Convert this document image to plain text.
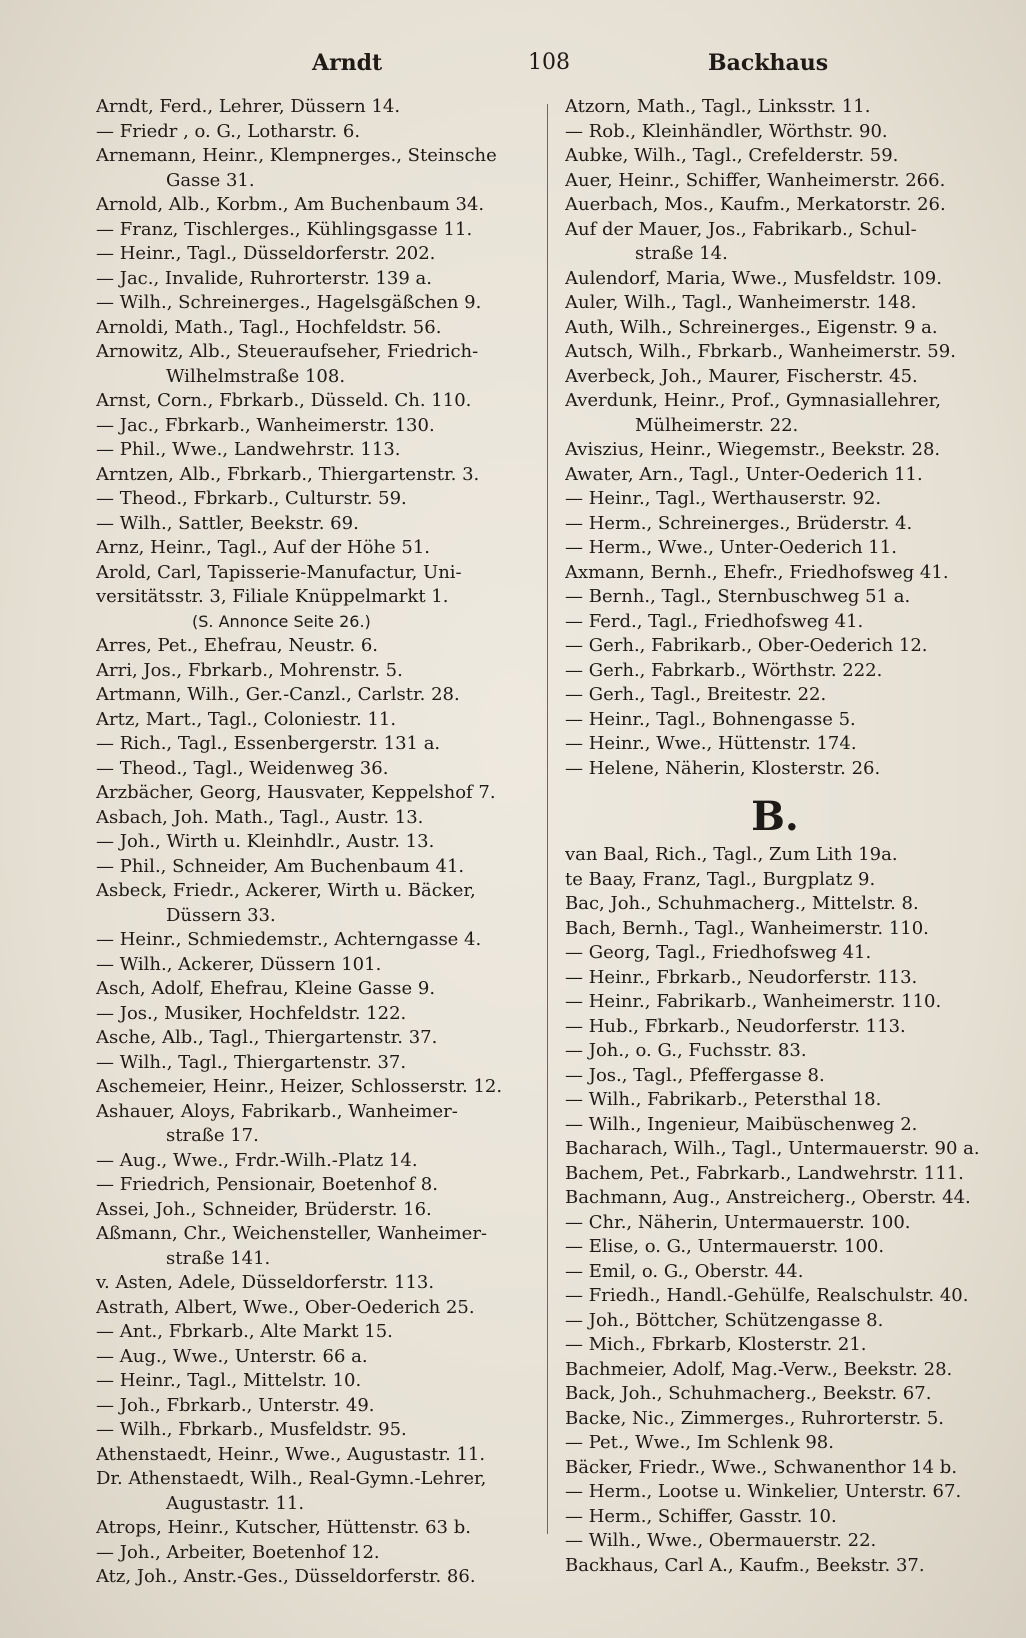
Arndt	108	Backhaus
Arndt, Ferd., Lehrer, Düssern 14.
— Friedr , o. G., Lotharstr. 6.
Arnemann, Heinr., Klempnerges., Steinsche
Gasse 31.
Arnold, Alb., Korbm., Am Buchenbaum 34.
— Franz, Tischlerges., Kühlingsgasse 11.
— Heinr., Tagl., Düsseldorferstr. 202.
— Jac., Invalide, Ruhrorterstr. 139 a.
— Wilh., Schreinerges., Hagelsgäßchen 9.
Arnoldi, Math., Tagl., Hochfeldstr. 56.
Arnowitz, Alb., Steueraufseher, Friedrich-
Wilhelmstraße 108.
Arnst, Corn., Fbrkarb., Düsseld. Ch. 110.
— Jac., Fbrkarb., Wanheimerstr. 130.
— Phil., Wwe., Landwehrstr. 113.
Arntzen, Alb., Fbrkarb., Thiergartenstr. 3.
— Theod., Fbrkarb., Culturstr. 59.
— Wilh., Sattler, Beekstr. 69.
Arnz, Heinr., Tagl., Auf der Höhe 51.
Arold, Carl, Tapisserie-Manufactur, Uni-
versitätsstr. 3, Filiale Knüppelmarkt 1.
(S. Annonce Seite 26.)
Arres, Pet., Ehefrau, Neustr. 6.
Arri, Jos., Fbrkarb., Mohrenstr. 5.
Artmann, Wilh., Ger.-Canzl., Carlstr. 28.
Artz, Mart., Tagl., Coloniestr. 11.
— Rich., Tagl., Essenbergerstr. 131 a.
— Theod., Tagl., Weidenweg 36.
Arzbächer, Georg, Hausvater, Keppelshof 7.
Asbach, Joh. Math., Tagl., Austr. 13.
— Joh., Wirth u. Kleinhdlr., Austr. 13.
— Phil., Schneider, Am Buchenbaum 41.
Asbeck, Friedr., Ackerer, Wirth u. Bäcker,
Düssern 33.
— Heinr., Schmiedemstr., Achterngasse 4.
— Wilh., Ackerer, Düssern 101.
Asch, Adolf, Ehefrau, Kleine Gasse 9.
— Jos., Musiker, Hochfeldstr. 122.
Asche, Alb., Tagl., Thiergartenstr. 37.
— Wilh., Tagl., Thiergartenstr. 37.
Aschemeier, Heinr., Heizer, Schlosserstr. 12.
Ashauer, Aloys, Fabrikarb., Wanheimer-
straße 17.
— Aug., Wwe., Frdr.-Wilh.-Platz 14.
— Friedrich, Pensionair, Boetenhof 8.
Assei, Joh., Schneider, Brüderstr. 16.
Aßmann, Chr., Weichensteller, Wanheimer-
straße 141.
v. Asten, Adele, Düsseldorferstr. 113.
Astrath, Albert, Wwe., Ober-Oederich 25.
— Ant., Fbrkarb., Alte Markt 15.
— Aug., Wwe., Unterstr. 66 a.
— Heinr., Tagl., Mittelstr. 10.
— Joh., Fbrkarb., Unterstr. 49.
— Wilh., Fbrkarb., Musfeldstr. 95.
Athenstaedt, Heinr., Wwe., Augustastr. 11.
Dr. Athenstaedt, Wilh., Real-Gymn.-Lehrer,
Augustastr. 11.
Atrops, Heinr., Kutscher, Hüttenstr. 63 b.
— Joh., Arbeiter, Boetenhof 12.
Atz, Joh., Anstr.-Ges., Düsseldorferstr. 86.
Atzorn, Math., Tagl., Linksstr. 11.
— Rob., Kleinhändler, Wörthstr. 90.
Aubke, Wilh., Tagl., Crefelderstr. 59.
Auer, Heinr., Schiffer, Wanheimerstr. 266.
Auerbach, Mos., Kaufm., Merkatorstr. 26.
Auf der Mauer, Jos., Fabrikarb., Schul-
straße 14.
Aulendorf, Maria, Wwe., Musfeldstr. 109.
Auler, Wilh., Tagl., Wanheimerstr. 148.
Auth, Wilh., Schreinerges., Eigenstr. 9 a.
Autsch, Wilh., Fbrkarb., Wanheimerstr. 59.
Averbeck, Joh., Maurer, Fischerstr. 45.
Averdunk, Heinr., Prof., Gymnasiallehrer,
Mülheimerstr. 22.
Aviszius, Heinr., Wiegemstr., Beekstr. 28.
Awater, Arn., Tagl., Unter-Oederich 11.
— Heinr., Tagl., Werthauserstr. 92.
— Herm., Schreinerges., Brüderstr. 4.
— Herm., Wwe., Unter-Oederich 11.
Axmann, Bernh., Ehefr., Friedhofsweg 41.
— Bernh., Tagl., Sternbuschweg 51 a.
— Ferd., Tagl., Friedhofsweg 41.
— Gerh., Fabrikarb., Ober-Oederich 12.
— Gerh., Fabrkarb., Wörthstr. 222.
— Gerh., Tagl., Breitestr. 22.
— Heinr., Tagl., Bohnengasse 5.
— Heinr., Wwe., Hüttenstr. 174.
— Helene, Näherin, Klosterstr. 26.
B.
van Baal, Rich., Tagl., Zum Lith 19a.
te Baay, Franz, Tagl., Burgplatz 9.
Bac, Joh., Schuhmacherg., Mittelstr. 8.
Bach, Bernh., Tagl., Wanheimerstr. 110.
— Georg, Tagl., Friedhofsweg 41.
— Heinr., Fbrkarb., Neudorferstr. 113.
— Heinr., Fabrikarb., Wanheimerstr. 110.
— Hub., Fbrkarb., Neudorferstr. 113.
— Joh., o. G., Fuchsstr. 83.
— Jos., Tagl., Pfeffergasse 8.
— Wilh., Fabrikarb., Petersthal 18.
— Wilh., Ingenieur, Maibüschenweg 2.
Bacharach, Wilh., Tagl., Untermauerstr. 90 a.
Bachem, Pet., Fabrkarb., Landwehrstr. 111.
Bachmann, Aug., Anstreicherg., Oberstr. 44.
— Chr., Näherin, Untermauerstr. 100.
— Elise, o. G., Untermauerstr. 100.
— Emil, o. G., Oberstr. 44.
— Friedh., Handl.-Gehülfe, Realschulstr. 40.
— Joh., Böttcher, Schützengasse 8.
— Mich., Fbrkarb, Klosterstr. 21.
Bachmeier, Adolf, Mag.-Verw., Beekstr. 28.
Back, Joh., Schuhmacherg., Beekstr. 67.
Backe, Nic., Zimmerges., Ruhrorterstr. 5.
— Pet., Wwe., Im Schlenk 98.
Bäcker, Friedr., Wwe., Schwanenthor 14 b.
— Herm., Lootse u. Winkelier, Unterstr. 67.
— Herm., Schiffer, Gasstr. 10.
— Wilh., Wwe., Obermauerstr. 22.
Backhaus, Carl A., Kaufm., Beekstr. 37.
